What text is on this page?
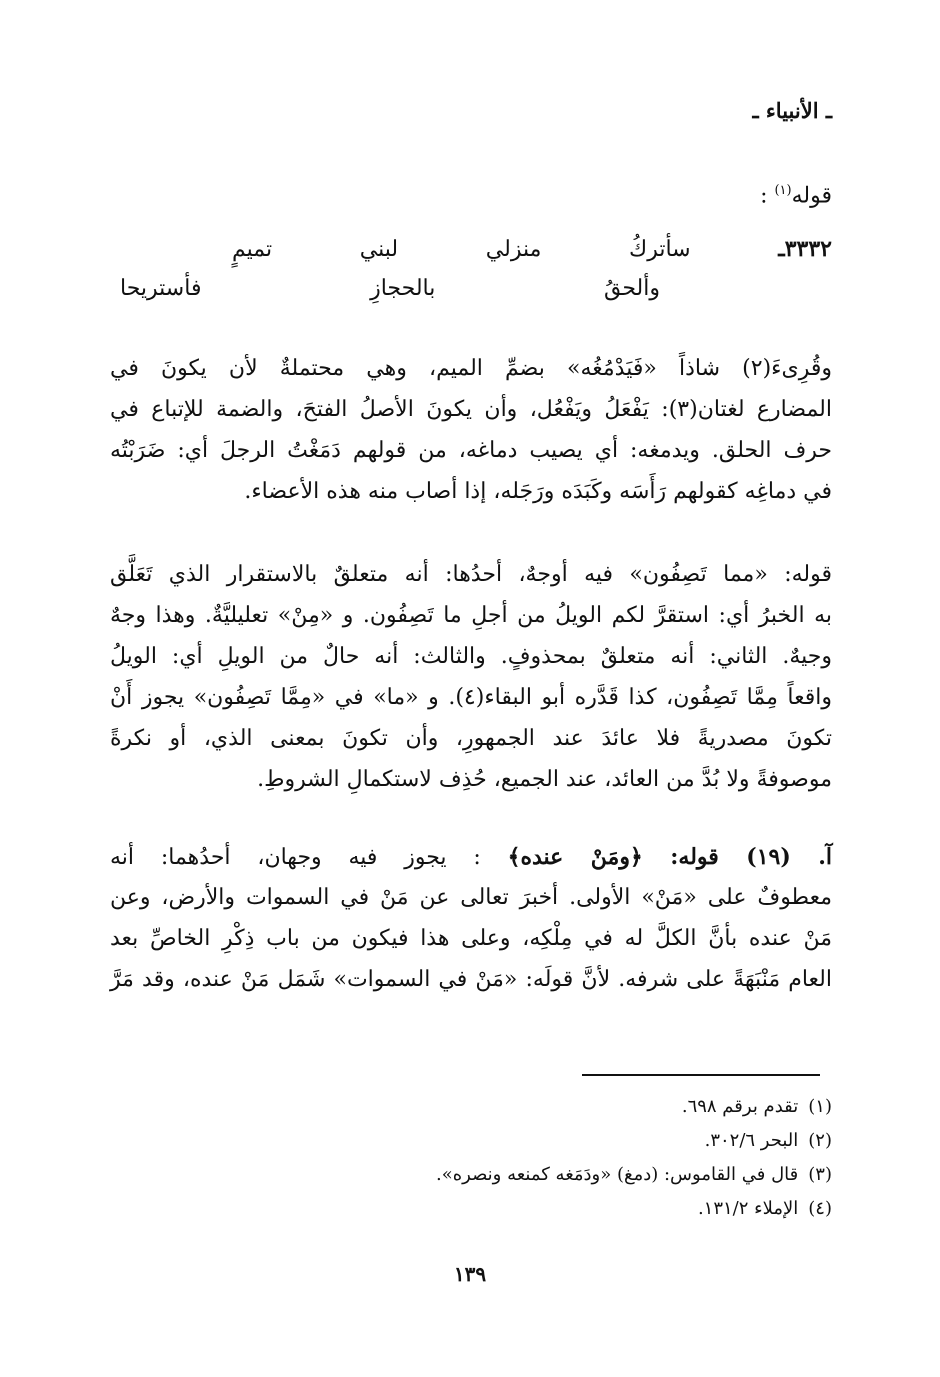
ـ الأنبياء ـ
قوله$^{(١)}$ :
٣٣٣٢ـ سأتركُ منزلي لبني تميمٍ
وألحقُ بالحجازِ فأستريحا
وقُرِىءَ(٢) شاذاً «فَيَدْمُغُه» بضمِّ الميم، وهي محتملةٌ لأن يكونَ في
المضارع لغتان(٣): يَفْعَلُ ويَفْعُل، وأن يكونَ الأصلُ الفتحَ، والضمة للإتباع في
حرف الحلق. ويدمغه: أي يصيب دماغه، من قولهم دَمَغْتُ الرجلَ أي: ضَرَبْتُه
في دماغِه كقولهم رَأَسَه وكَبَدَه ورَجَله، إذا أصاب منه هذه الأعضاء.
قوله: «مما تَصِفُون» فيه أوجهٌ، أحدُها: أنه متعلقٌ بالاستقرار الذي تَعَلَّق
به الخبرُ أي: استقرَّ لكم الويلُ من أجلِ ما تَصِفُون. و «مِنْ» تعليليَّةٌ. وهذا وجهٌ
وجيهٌ. الثاني: أنه متعلقٌ بمحذوفٍ. والثالث: أنه حالٌ من الويلِ أي: الويلُ
واقعاً مِمَّا تَصِفُون، كذا قَدَّره أبو البقاء(٤). و «ما» في «مِمَّا تَصِفُون» يجوز أَنْ
تكونَ مصدريةً فلا عائدَ عند الجمهورِ، وأن تكونَ بمعنى الذي، أو نكرةً
موصوفةً ولا بُدَّ من العائد، عند الجميع، حُذِف لاستكمالِ الشروطِ.
آ. (١٩) قوله: ﴿ومَنْ عنده﴾ : يجوز فيه وجهان، أحدُهما: أنه
معطوفٌ على «مَنْ» الأولى. أخبرَ تعالى عن مَنْ في السموات والأرض، وعن
مَنْ عنده بأنَّ الكلَّ له في مِلْكِه، وعلى هذا فيكون من باب ذِكْرِ الخاصِّ بعد
العام مَنْبَهَةً على شرفه. لأنَّ قولَه: «مَنْ في السموات» شَمَل مَنْ عنده، وقد مَرَّ
(١)تقدم برقم ٦٩٨.
(٢)البحر ٣٠٢/٦.
(٣)قال في القاموس: (دمغ) «ودَمَغه كمنعه ونصره».
(٤)الإملاء ١٣١/٢.
١٣٩
